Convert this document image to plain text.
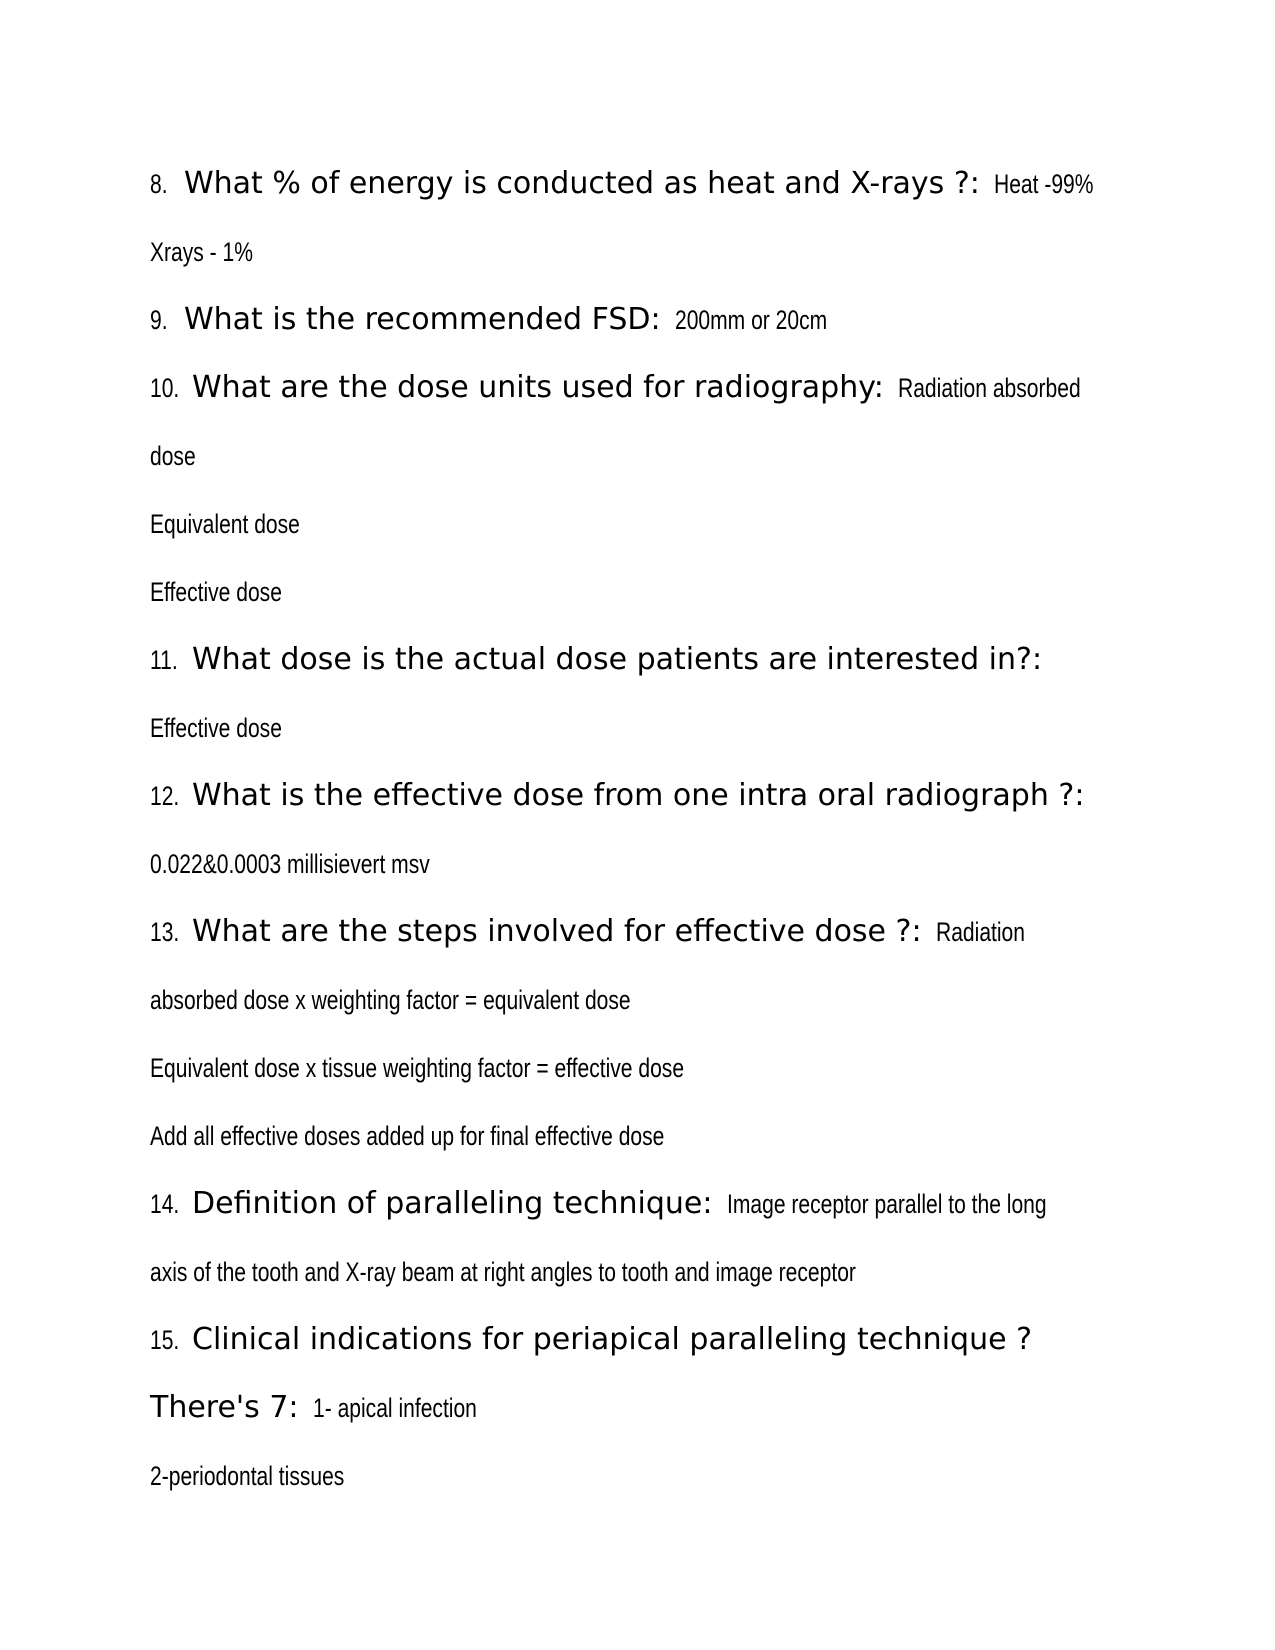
8. What % of energy is conducted as heat and X-rays ?: Heat -99%
Xrays - 1%
9. What is the recommended FSD: 200mm or 20cm
10. What are the dose units used for radiography: Radiation absorbed
dose
Equivalent dose
Effective dose
11. What dose is the actual dose patients are interested in?:
Effective dose
12. What is the effective dose from one intra oral radiograph ?:
0.022&0.0003 millisievert msv
13. What are the steps involved for effective dose ?: Radiation
absorbed dose x weighting factor = equivalent dose
Equivalent dose x tissue weighting factor = effective dose
Add all effective doses added up for final effective dose
14. Definition of paralleling technique: Image receptor parallel to the long
axis of the tooth and X-ray beam at right angles to tooth and image receptor
15. Clinical indications for periapical paralleling technique ?
There's 7: 1- apical infection
2-periodontal tissues
